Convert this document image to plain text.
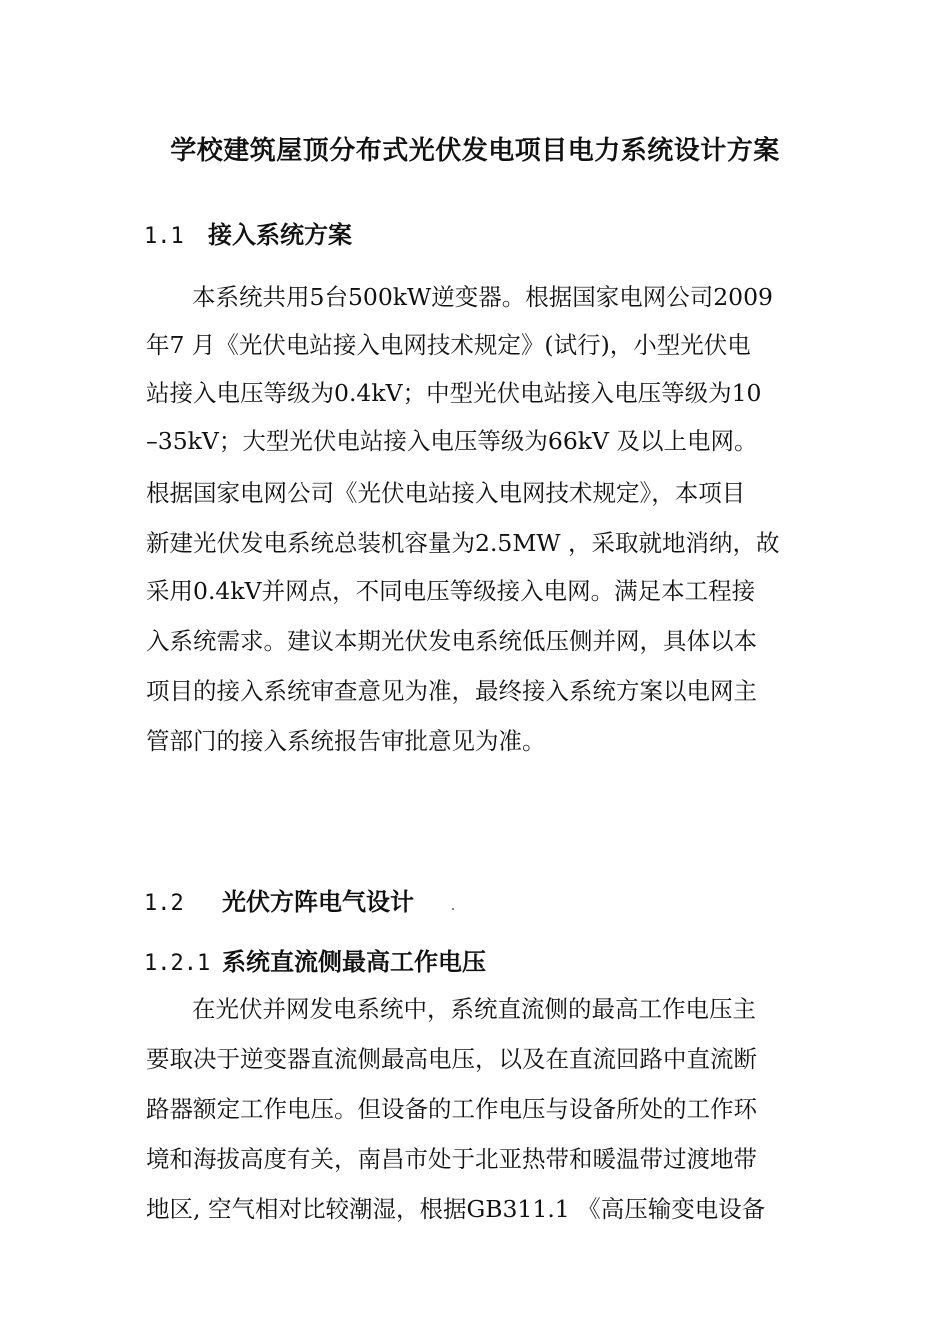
学校建筑屋顶分布式光伏发电项目电力系统设计方案
1.1 接入系统方案
本系统共用5台500kW逆变器。根据国家电网公司2009
年7 月《光伏电站接入电网技术规定》(试行)，小型光伏电
站接入电压等级为0.4kV；中型光伏电站接入电压等级为10
–35kV；大型光伏电站接入电压等级为66kV 及以上电网。
根据国家电网公司《光伏电站接入电网技术规定》，本项目
新建光伏发电系统总装机容量为2.5MW ，采取就地消纳，故
采用0.4kV并网点，不同电压等级接入电网。满足本工程接
入系统需求。建议本期光伏发电系统低压侧并网，具体以本
项目的接入系统审查意见为准，最终接入系统方案以电网主
管部门的接入系统报告审批意见为准。
1.2 光伏方阵电气设计
1.2.1 系统直流侧最高工作电压
在光伏并网发电系统中，系统直流侧的最高工作电压主
要取决于逆变器直流侧最高电压，以及在直流回路中直流断
路器额定工作电压。但设备的工作电压与设备所处的工作环
境和海拔高度有关，南昌市处于北亚热带和暖温带过渡地带
地区, 空气相对比较潮湿，根据GB311.1 《高压输变电设备
